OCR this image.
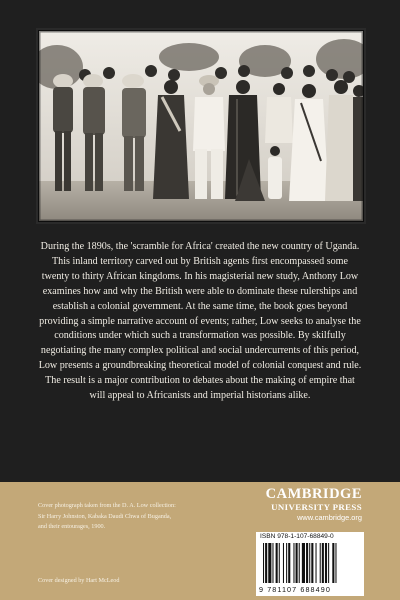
During the 1890s, the 'scramble for Africa' created the new country of Uganda. This inland territory carved out by British agents first encompassed some twenty to thirty African kingdoms. In his magisterial new study, Anthony Low examines how and why the British were able to dominate these rulerships and establish a colonial government. At the same time, the book goes beyond providing a simple narrative account of events; rather, Low seeks to analyse the conditions under which such a transformation was possible. By skilfully negotiating the many complex political and social undercurrents of this period, Low presents a groundbreaking theoretical model of colonial conquest and rule. The result is a major contribution to debates about the making of empire that will appeal to Africanists and imperial historians alike.

Cover photograph taken from the D. A. Low collection:
Sir Harry Johnston, Kabaka Daudi Chwa of Buganda,
and their entourages, 1900.

Cover designed by Hart McLeod

CAMBRIDGE
UNIVERSITY PRESS
www.cambridge.org

ISBN 978-1-107-68849-0

9 781107 688490
